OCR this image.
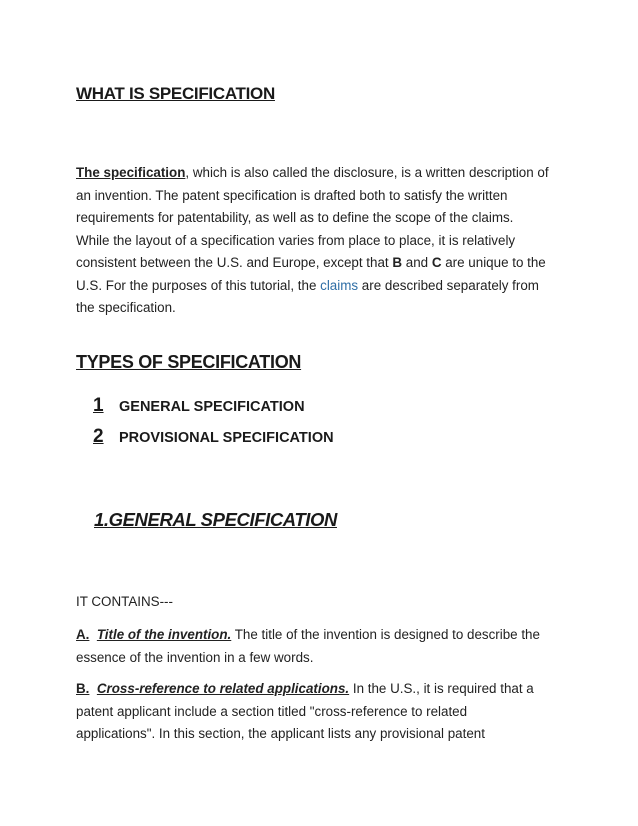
WHAT IS SPECIFICATION

The specification, which is also called the disclosure, is a written description of
an invention. The patent specification is drafted both to satisfy the written
requirements for patentability, as well as to define the scope of the claims.
While the layout of a specification varies from place to place, it is relatively
consistent between the U.S. and Europe, except that B and C are unique to the
U.S. For the purposes of this tutorial, the claims are described separately from
the specification.

TYPES OF SPECIFICATION
1	GENERAL SPECIFICATION
2	PROVISIONAL SPECIFICATION
1.GENERAL SPECIFICATION
IT CONTAINS---

A. Title of the invention. The title of the invention is designed to describe the
essence of the invention in a few words.

B. Cross-reference to related applications. In the U.S., it is required that a
patent applicant include a section titled "cross-reference to related
applications". In this section, the applicant lists any provisional patent
